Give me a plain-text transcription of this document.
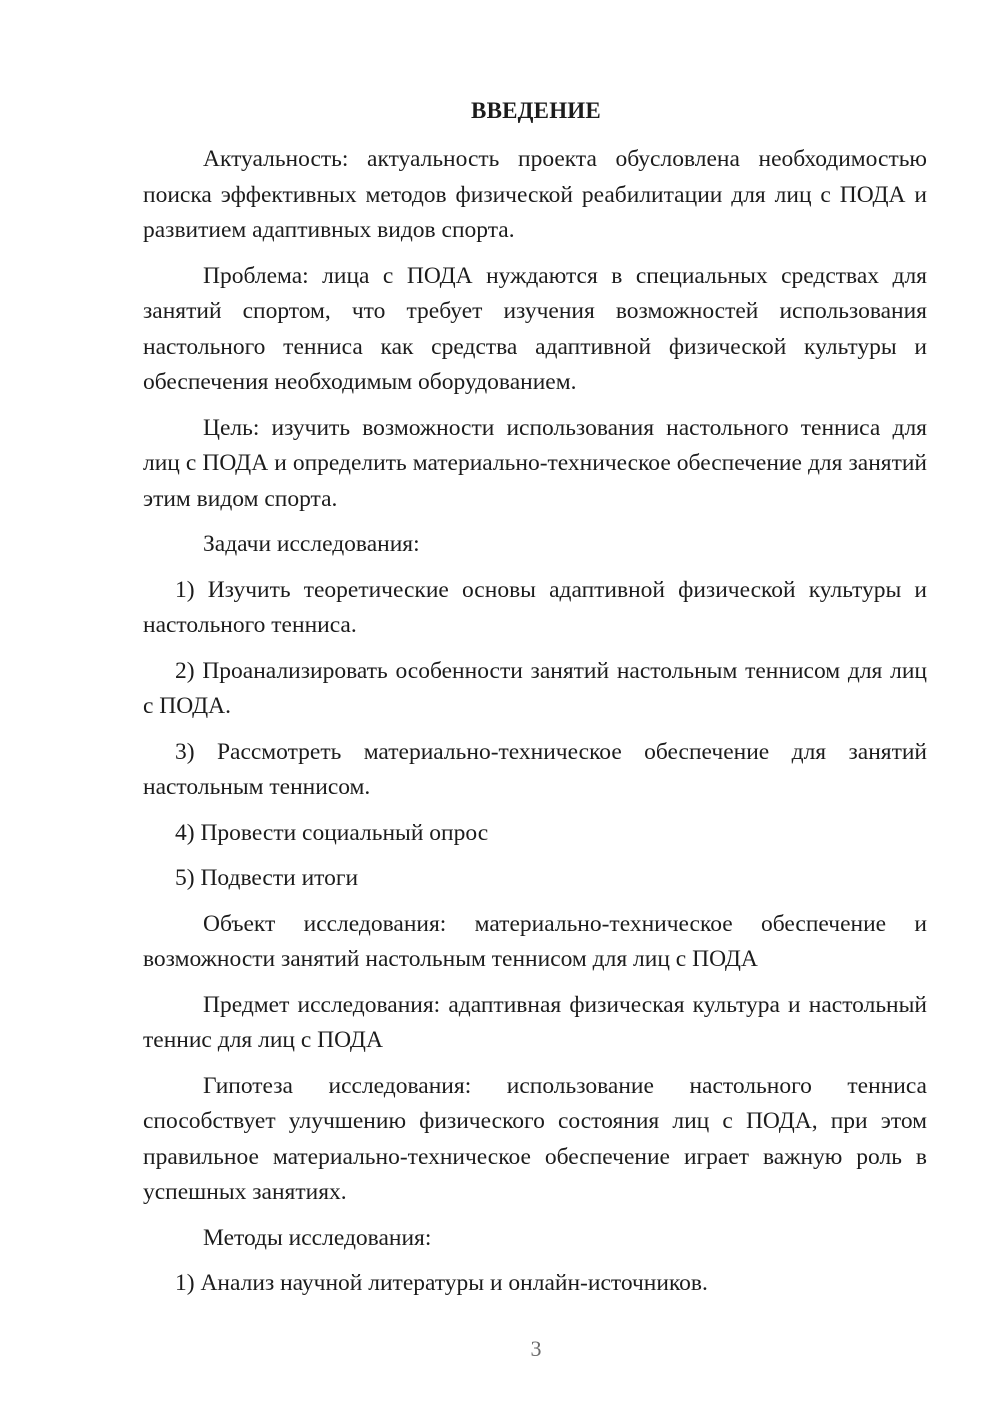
ВВЕДЕНИЕ

Актуальность: актуальность проекта обусловлена необходимостью поиска эффективных методов физической реабилитации для лиц с ПОДА и развитием адаптивных видов спорта.

Проблема: лица с ПОДА нуждаются в специальных средствах для занятий спортом, что требует изучения возможностей использования настольного тенниса как средства адаптивной физической культуры и обеспечения необходимым оборудованием.

Цель: изучить возможности использования настольного тенниса для лиц с ПОДА и определить материально-техническое обеспечение для занятий этим видом спорта.

Задачи исследования:

1) Изучить теоретические основы адаптивной физической культуры и настольного тенниса.

2) Проанализировать особенности занятий настольным теннисом для лиц с ПОДА.

3) Рассмотреть материально-техническое обеспечение для занятий настольным теннисом.

4) Провести социальный опрос

5) Подвести итоги

Объект исследования: материально-техническое обеспечение и возможности занятий настольным теннисом для лиц с ПОДА

Предмет исследования: адаптивная физическая культура и настольный теннис для лиц с ПОДА

Гипотеза исследования: использование настольного тенниса способствует улучшению физического состояния лиц с ПОДА, при этом правильное материально-техническое обеспечение играет важную роль в успешных занятиях.

Методы исследования:

1) Анализ научной литературы и онлайн-источников.

3
